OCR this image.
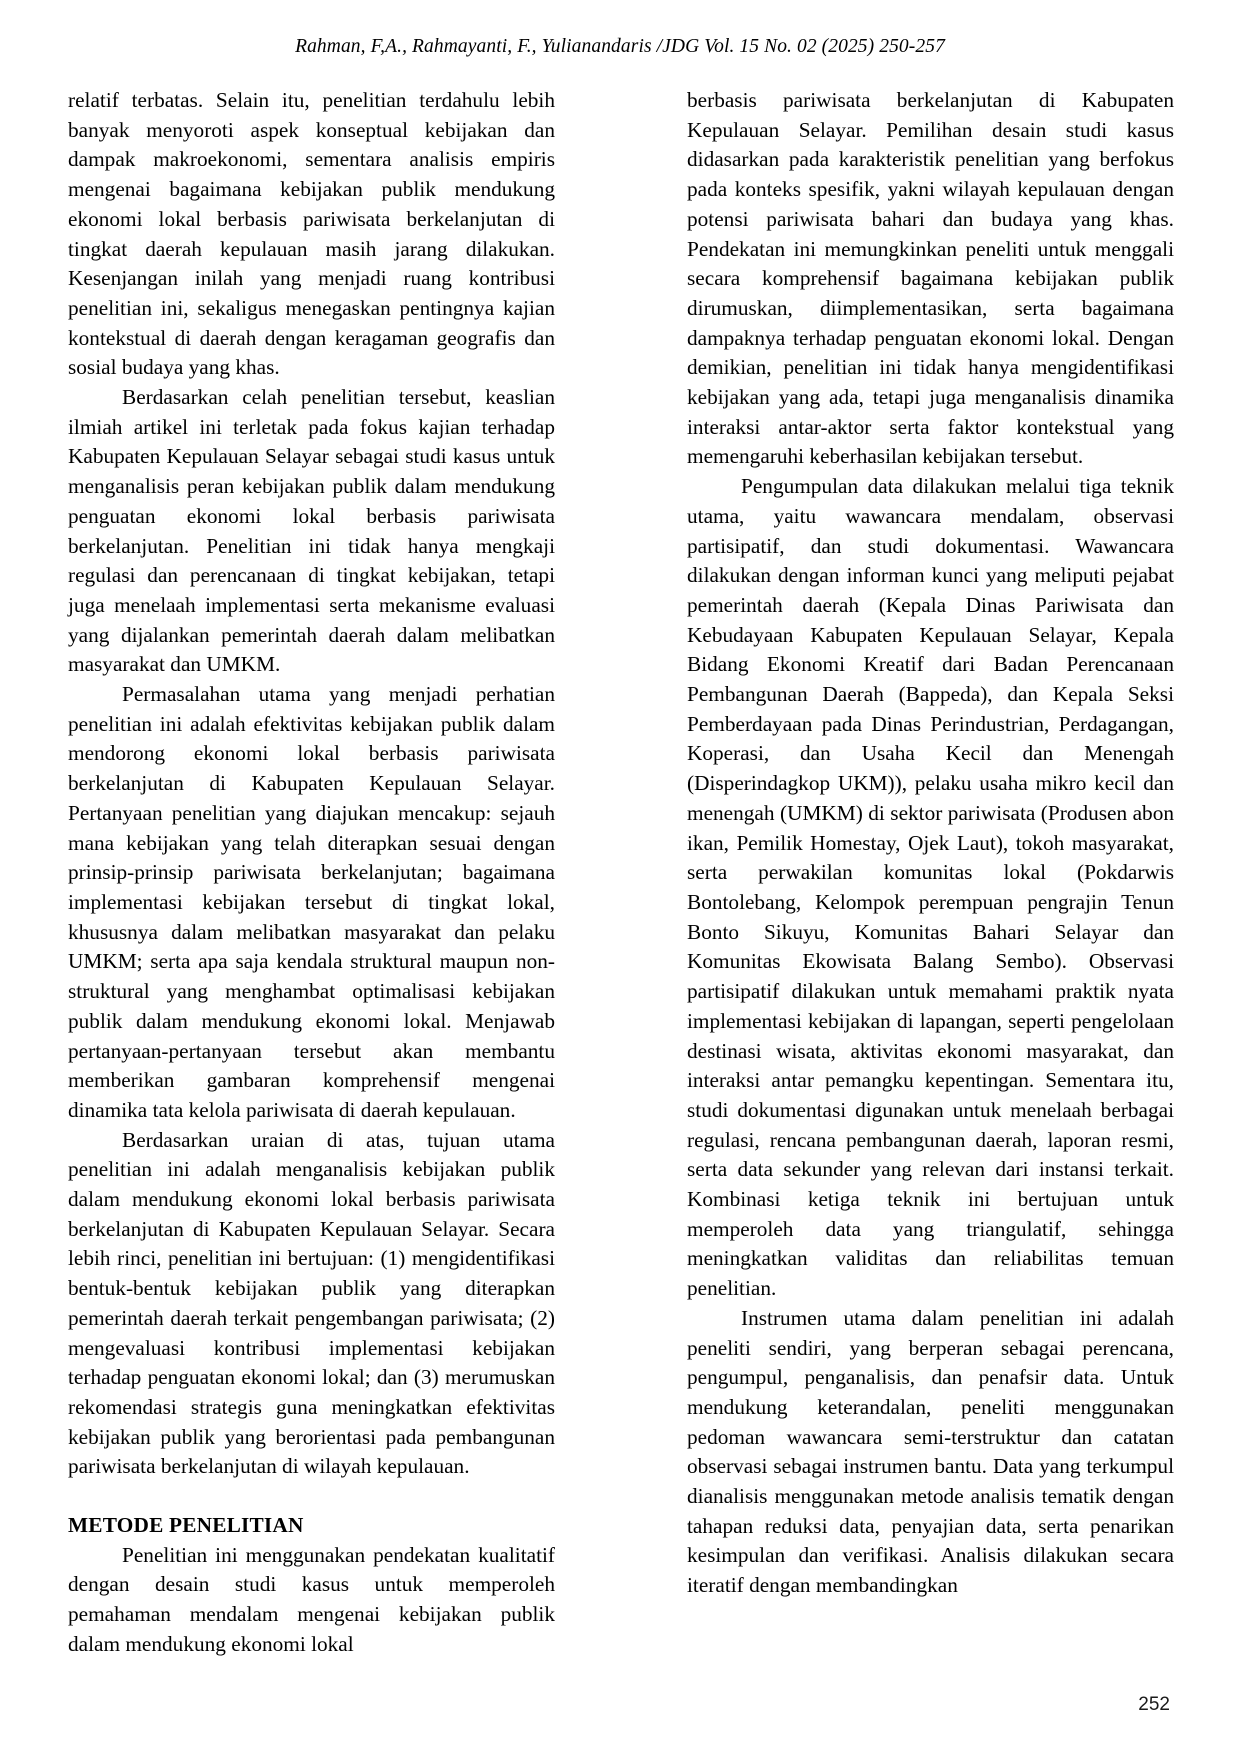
Rahman, F,A., Rahmayanti, F., Yulianandaris /JDG Vol. 15 No. 02 (2025) 250-257

relatif terbatas. Selain itu, penelitian terdahulu lebih banyak menyoroti aspek konseptual kebijakan dan dampak makroekonomi, sementara analisis empiris mengenai bagaimana kebijakan publik mendukung ekonomi lokal berbasis pariwisata berkelanjutan di tingkat daerah kepulauan masih jarang dilakukan. Kesenjangan inilah yang menjadi ruang kontribusi penelitian ini, sekaligus menegaskan pentingnya kajian kontekstual di daerah dengan keragaman geografis dan sosial budaya yang khas.

Berdasarkan celah penelitian tersebut, keaslian ilmiah artikel ini terletak pada fokus kajian terhadap Kabupaten Kepulauan Selayar sebagai studi kasus untuk menganalisis peran kebijakan publik dalam mendukung penguatan ekonomi lokal berbasis pariwisata berkelanjutan. Penelitian ini tidak hanya mengkaji regulasi dan perencanaan di tingkat kebijakan, tetapi juga menelaah implementasi serta mekanisme evaluasi yang dijalankan pemerintah daerah dalam melibatkan masyarakat dan UMKM.

Permasalahan utama yang menjadi perhatian penelitian ini adalah efektivitas kebijakan publik dalam mendorong ekonomi lokal berbasis pariwisata berkelanjutan di Kabupaten Kepulauan Selayar. Pertanyaan penelitian yang diajukan mencakup: sejauh mana kebijakan yang telah diterapkan sesuai dengan prinsip-prinsip pariwisata berkelanjutan; bagaimana implementasi kebijakan tersebut di tingkat lokal, khususnya dalam melibatkan masyarakat dan pelaku UMKM; serta apa saja kendala struktural maupun non-struktural yang menghambat optimalisasi kebijakan publik dalam mendukung ekonomi lokal. Menjawab pertanyaan-pertanyaan tersebut akan membantu memberikan gambaran komprehensif mengenai dinamika tata kelola pariwisata di daerah kepulauan.

Berdasarkan uraian di atas, tujuan utama penelitian ini adalah menganalisis kebijakan publik dalam mendukung ekonomi lokal berbasis pariwisata berkelanjutan di Kabupaten Kepulauan Selayar. Secara lebih rinci, penelitian ini bertujuan: (1) mengidentifikasi bentuk-bentuk kebijakan publik yang diterapkan pemerintah daerah terkait pengembangan pariwisata; (2) mengevaluasi kontribusi implementasi kebijakan terhadap penguatan ekonomi lokal; dan (3) merumuskan rekomendasi strategis guna meningkatkan efektivitas kebijakan publik yang berorientasi pada pembangunan pariwisata berkelanjutan di wilayah kepulauan.

METODE PENELITIAN

Penelitian ini menggunakan pendekatan kualitatif dengan desain studi kasus untuk memperoleh pemahaman mendalam mengenai kebijakan publik dalam mendukung ekonomi lokal

berbasis pariwisata berkelanjutan di Kabupaten Kepulauan Selayar. Pemilihan desain studi kasus didasarkan pada karakteristik penelitian yang berfokus pada konteks spesifik, yakni wilayah kepulauan dengan potensi pariwisata bahari dan budaya yang khas. Pendekatan ini memungkinkan peneliti untuk menggali secara komprehensif bagaimana kebijakan publik dirumuskan, diimplementasikan, serta bagaimana dampaknya terhadap penguatan ekonomi lokal. Dengan demikian, penelitian ini tidak hanya mengidentifikasi kebijakan yang ada, tetapi juga menganalisis dinamika interaksi antar-aktor serta faktor kontekstual yang memengaruhi keberhasilan kebijakan tersebut.

Pengumpulan data dilakukan melalui tiga teknik utama, yaitu wawancara mendalam, observasi partisipatif, dan studi dokumentasi. Wawancara dilakukan dengan informan kunci yang meliputi pejabat pemerintah daerah (Kepala Dinas Pariwisata dan Kebudayaan Kabupaten Kepulauan Selayar, Kepala Bidang Ekonomi Kreatif dari Badan Perencanaan Pembangunan Daerah (Bappeda), dan Kepala Seksi Pemberdayaan pada Dinas Perindustrian, Perdagangan, Koperasi, dan Usaha Kecil dan Menengah (Disperindagkop UKM)), pelaku usaha mikro kecil dan menengah (UMKM) di sektor pariwisata (Produsen abon ikan, Pemilik Homestay, Ojek Laut), tokoh masyarakat, serta perwakilan komunitas lokal (Pokdarwis Bontolebang, Kelompok perempuan pengrajin Tenun Bonto Sikuyu, Komunitas Bahari Selayar dan Komunitas Ekowisata Balang Sembo). Observasi partisipatif dilakukan untuk memahami praktik nyata implementasi kebijakan di lapangan, seperti pengelolaan destinasi wisata, aktivitas ekonomi masyarakat, dan interaksi antar pemangku kepentingan. Sementara itu, studi dokumentasi digunakan untuk menelaah berbagai regulasi, rencana pembangunan daerah, laporan resmi, serta data sekunder yang relevan dari instansi terkait. Kombinasi ketiga teknik ini bertujuan untuk memperoleh data yang triangulatif, sehingga meningkatkan validitas dan reliabilitas temuan penelitian.

Instrumen utama dalam penelitian ini adalah peneliti sendiri, yang berperan sebagai perencana, pengumpul, penganalisis, dan penafsir data. Untuk mendukung keterandalan, peneliti menggunakan pedoman wawancara semi-terstruktur dan catatan observasi sebagai instrumen bantu. Data yang terkumpul dianalisis menggunakan metode analisis tematik dengan tahapan reduksi data, penyajian data, serta penarikan kesimpulan dan verifikasi. Analisis dilakukan secara iteratif dengan membandingkan

252
